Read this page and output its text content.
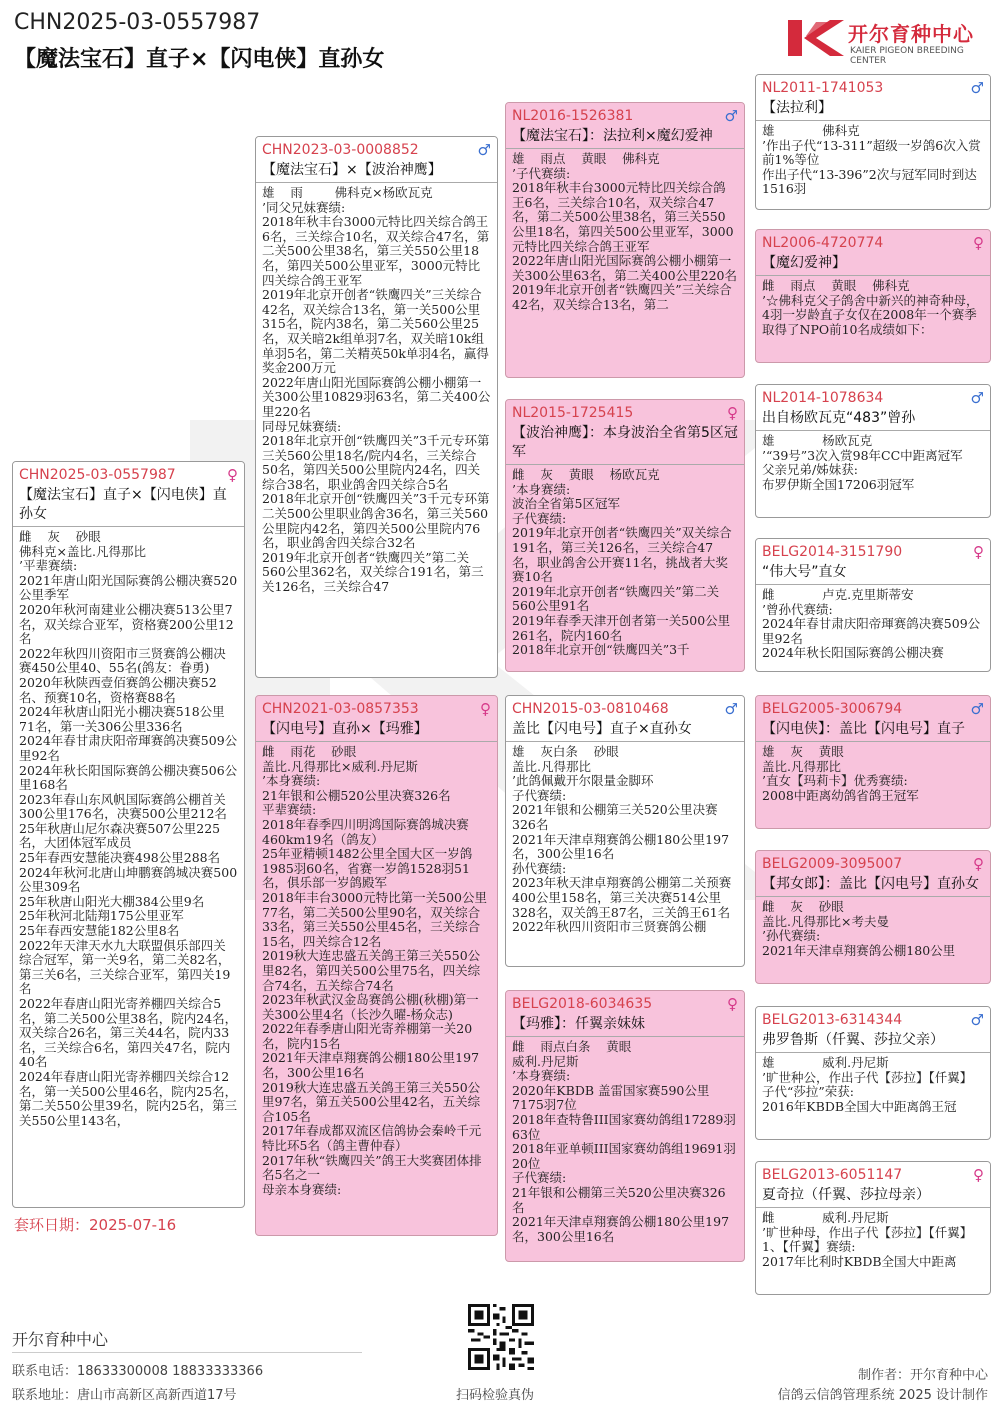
CHN2025-03-0557987
【魔法宝石】直子×【闪电侠】直孙女
开尔育种中心
KAIER PIGEON BREEDING CENTER
CHN2025-03-0557987	♀
【魔法宝石】直子×【闪电侠】直孙女
雌    灰    砂眼
佛科克×盖比.凡得那比
’平辈赛绩:
2021年唐山阳光国际赛鸽公棚决赛520公里季军
2020年秋河南建业公棚决赛513公里7名，双关综合亚军，资格赛200公里12名
2022年秋四川资阳市三贤赛鸽公棚决赛450公里40、55名(鸽友：眷勇)
2020年秋陕西壹佰赛鸽公棚决赛52名、预赛10名，资格赛88名
2024年秋唐山阳光小棚决赛518公里71名，第一关306公里336名
2024年春甘肃庆阳帝琿赛鸽决赛509公里92名
2024年秋长阳国际赛鸽公棚决赛506公里168名
2023年春山东风帆国际赛鸽公棚首关300公里176名，决赛500公里212名
25年秋唐山尼尔森决赛507公里225名，大团体冠军成员
25年春西安慧能决赛498公里288名
2024年秋河北唐山坤鹏赛鸽城决赛500公里309名
25年秋唐山阳光大棚384公里9名
25年秋河北陆翔175公里亚军
25年春西安慧能182公里8名
2022年天津天水九大联盟俱乐部四关综合冠军，第一关9名，第二关82名，第三关6名，三关综合亚军，第四关19名
2022年春唐山阳光寄养棚四关综合5名，第二关500公里38名，院内24名，双关综合26名，第三关44名，院内33名，三关综合6名，第四关47名，院内40名
2024年春唐山阳光寄养棚四关综合12名，第一关500公里46名，院内25名，第二关550公里39名，院内25名，第三关550公里143名，
套环日期：2025-07-16
CHN2023-03-0008852	♂
【魔法宝石】×【波治神鹰】
雄    雨        佛科克×杨欧瓦克
’同父兄妹赛绩:
2018年秋丰台3000元特比四关综合鸽王6名，三关综合10名，双关综合47名，第二关500公里38名，第三关550公里18名，第四关500公里亚军，3000元特比四关综合鸽王亚军
2019年北京开创者“铁鹰四关”三关综合42名，双关综合13名，第一关500公里315名，院内38名，第二关560公里25名，双关暗2k组单羽7名，双关暗10k组单羽5名，第二关精英50k单羽4名，赢得奖金200万元
2022年唐山阳光国际赛鸽公棚小棚第一关300公里10829羽63名，第二关400公里220名
同母兄妹赛绩:
2018年北京开创“铁鹰四关”3千元专环第三关560公里18名/院内4名，三关综合50名，第四关500公里院内24名，四关综合38名，职业鸽舍四关综合5名
2018年北京开创“铁鹰四关”3千元专环第二关500公里职业鸽舍36名，第三关560公里院内42名，第四关500公里院内76名，职业鸽舍四关综合32名
2019年北京开创者“铁鹰四关”第二关560公里362名，双关综合191名，第三关126名，三关综合47
CHN2021-03-0857353	♀
【闪电号】直孙×【玛雅】
雌    雨花    砂眼
盖比.凡得那比×威利.丹尼斯
’本身赛绩:
21年银和公棚520公里决赛326名
平辈赛绩:
2018年春季四川明鸿国际赛鸽城决赛460km19名（鸽友）
25年亚精顿1482公里全国大区一岁鸽1985羽60名，省赛一岁鸽1528羽51名，俱乐部一岁鸽殿军
2018年丰台3000元特比第一关500公里77名，第二关500公里90名，双关综合33名，第三关550公里45名，三关综合15名，四关综合12名
2019秋大连忠盛五关鸽王第三关550公里82名，第四关500公里75名，四关综合74名，五关综合74名
2023年秋武汉金岛赛鸽公棚(秋棚)第一关300公里4名（长沙久曜-杨众志)
2022年春季唐山阳光寄养棚第一关20名，院内15名
2021年天津卓翔赛鸽公棚180公里197名，300公里16名
2019秋大连忠盛五关鸽王第三关550公里97名，第五关500公里42名，五关综合105名
2017年春成都双流区信鸽协会秦岭千元特比环5名（鸽主曹仲春）
2017年秋“铁鹰四关”鸽王大奖赛团体排名5名之一
母亲本身赛绩:
NL2016-1526381	♂
【魔法宝石】：法拉利×魔幻爱神
雄    雨点    黄眼    佛科克
’子代赛绩:
2018年秋丰台3000元特比四关综合鸽王6名，三关综合10名，双关综合47名，第二关500公里38名，第三关550公里18名，第四关500公里亚军，3000元特比四关综合鸽王亚军
2022年唐山阳光国际赛鸽公棚小棚第一关300公里63名，第二关400公里220名
2019年北京开创者“铁鹰四关”三关综合42名，双关综合13名，第二
NL2015-1725415	♀
【波治神鹰】：本身波治全省第5区冠军
雌    灰    黄眼    杨欧瓦克
’本身赛绩:
波治全省第5区冠军
子代赛绩:
2019年北京开创者“铁鹰四关”双关综合191名，第三关126名，三关综合47名，职业鸽舍公开赛11名，挑战者大奖赛10名
2019年北京开创者“铁鹰四关”第二关560公里91名
2019年春季天津开创者第一关500公里261名，院内160名
2018年北京开创“铁鹰四关”3千
CHN2015-03-0810468	♂
盖比【闪电号】直子×直孙女
雄    灰白条    砂眼
盖比.凡得那比
’此鸽佩戴开尔限量金脚环
子代赛绩:
2021年银和公棚第三关520公里决赛326名
2021年天津卓翔赛鸽公棚180公里197名，300公里16名
孙代赛绩:
2023年秋天津卓翔赛鸽公棚第二关预赛400公里158名，第三关决赛514公里328名，双关鸽王87名，三关鸽王61名
2022年秋四川资阳市三贤赛鸽公棚
BELG2018-6034635	♀
【玛雅】：仟翼亲妹妹
雌    雨点白条    黄眼
威利.丹尼斯
’本身赛绩:
2020年KBDB 盖雷国家赛590公里7175羽7位
2018年查特鲁III国家赛幼鸽组17289羽63位
2018年亚单顿III国家赛幼鸽组19691羽20位
子代赛绩:
21年银和公棚第三关520公里决赛326名
2021年天津卓翔赛鸽公棚180公里197名，300公里16名
NL2011-1741053	♂
【法拉利】
雄            佛科克
’作出子代“13-311”超级一岁鸽6次入赏前1%等位
作出子代“13-396”2次与冠军同时到达1516羽
NL2006-4720774	♀
【魔幻爱神】
雌    雨点    黄眼    佛科克
’☆佛科克父子鸽舍中新兴的神奇种母， 4羽一岁龄直子女仅在2008年一个赛季取得了NPO前10名成绩如下：
NL2014-1078634	♂
出自杨欧瓦克“483”曾孙
雄            杨欧瓦克
’“39号”3次入赏98年CC中距离冠军
父亲兄弟/姊妹获:
布罗伊斯全国17206羽冠军
BELG2014-3151790	♀
“伟大号”直女
雌            卢克.克里斯蒂安
’曾孙代赛绩:
2024年春甘肃庆阳帝琿赛鸽决赛509公里92名
2024年秋长阳国际赛鸽公棚决赛
BELG2005-3006794	♂
【闪电侠】：盖比【闪电号】直子
雄    灰    黄眼
盖比.凡得那比
’直女【玛莉卡】优秀赛绩:
2008中距离幼鸽省鸽王冠军
BELG2009-3095007	♀
【邦女郎】：盖比【闪电号】直孙女
雌    灰    砂眼
盖比.凡得那比×考夫曼
’孙代赛绩:
2021年天津卓翔赛鸽公棚180公里
BELG2013-6314344	♂
弗罗鲁斯（仟翼、莎拉父亲）
雄            威利.丹尼斯
’旷世种公，作出子代【莎拉】【仟翼】
子代“莎拉”荣获:
2016年KBDB全国大中距离鸽王冠
BELG2013-6051147	♀
夏奇拉（仟翼、莎拉母亲）
雌            威利.丹尼斯
’旷世种母，作出子代【莎拉】【仟翼】
1、【仟翼】赛绩:
2017年比利时KBDB全国大中距离
开尔育种中心
联系电话：18633300008 18833333366
联系地址：唐山市高新区高新西道17号	扫码检验真伪
制作者：开尔育种中心
信鸽云信鸽管理系统 2025 设计制作
